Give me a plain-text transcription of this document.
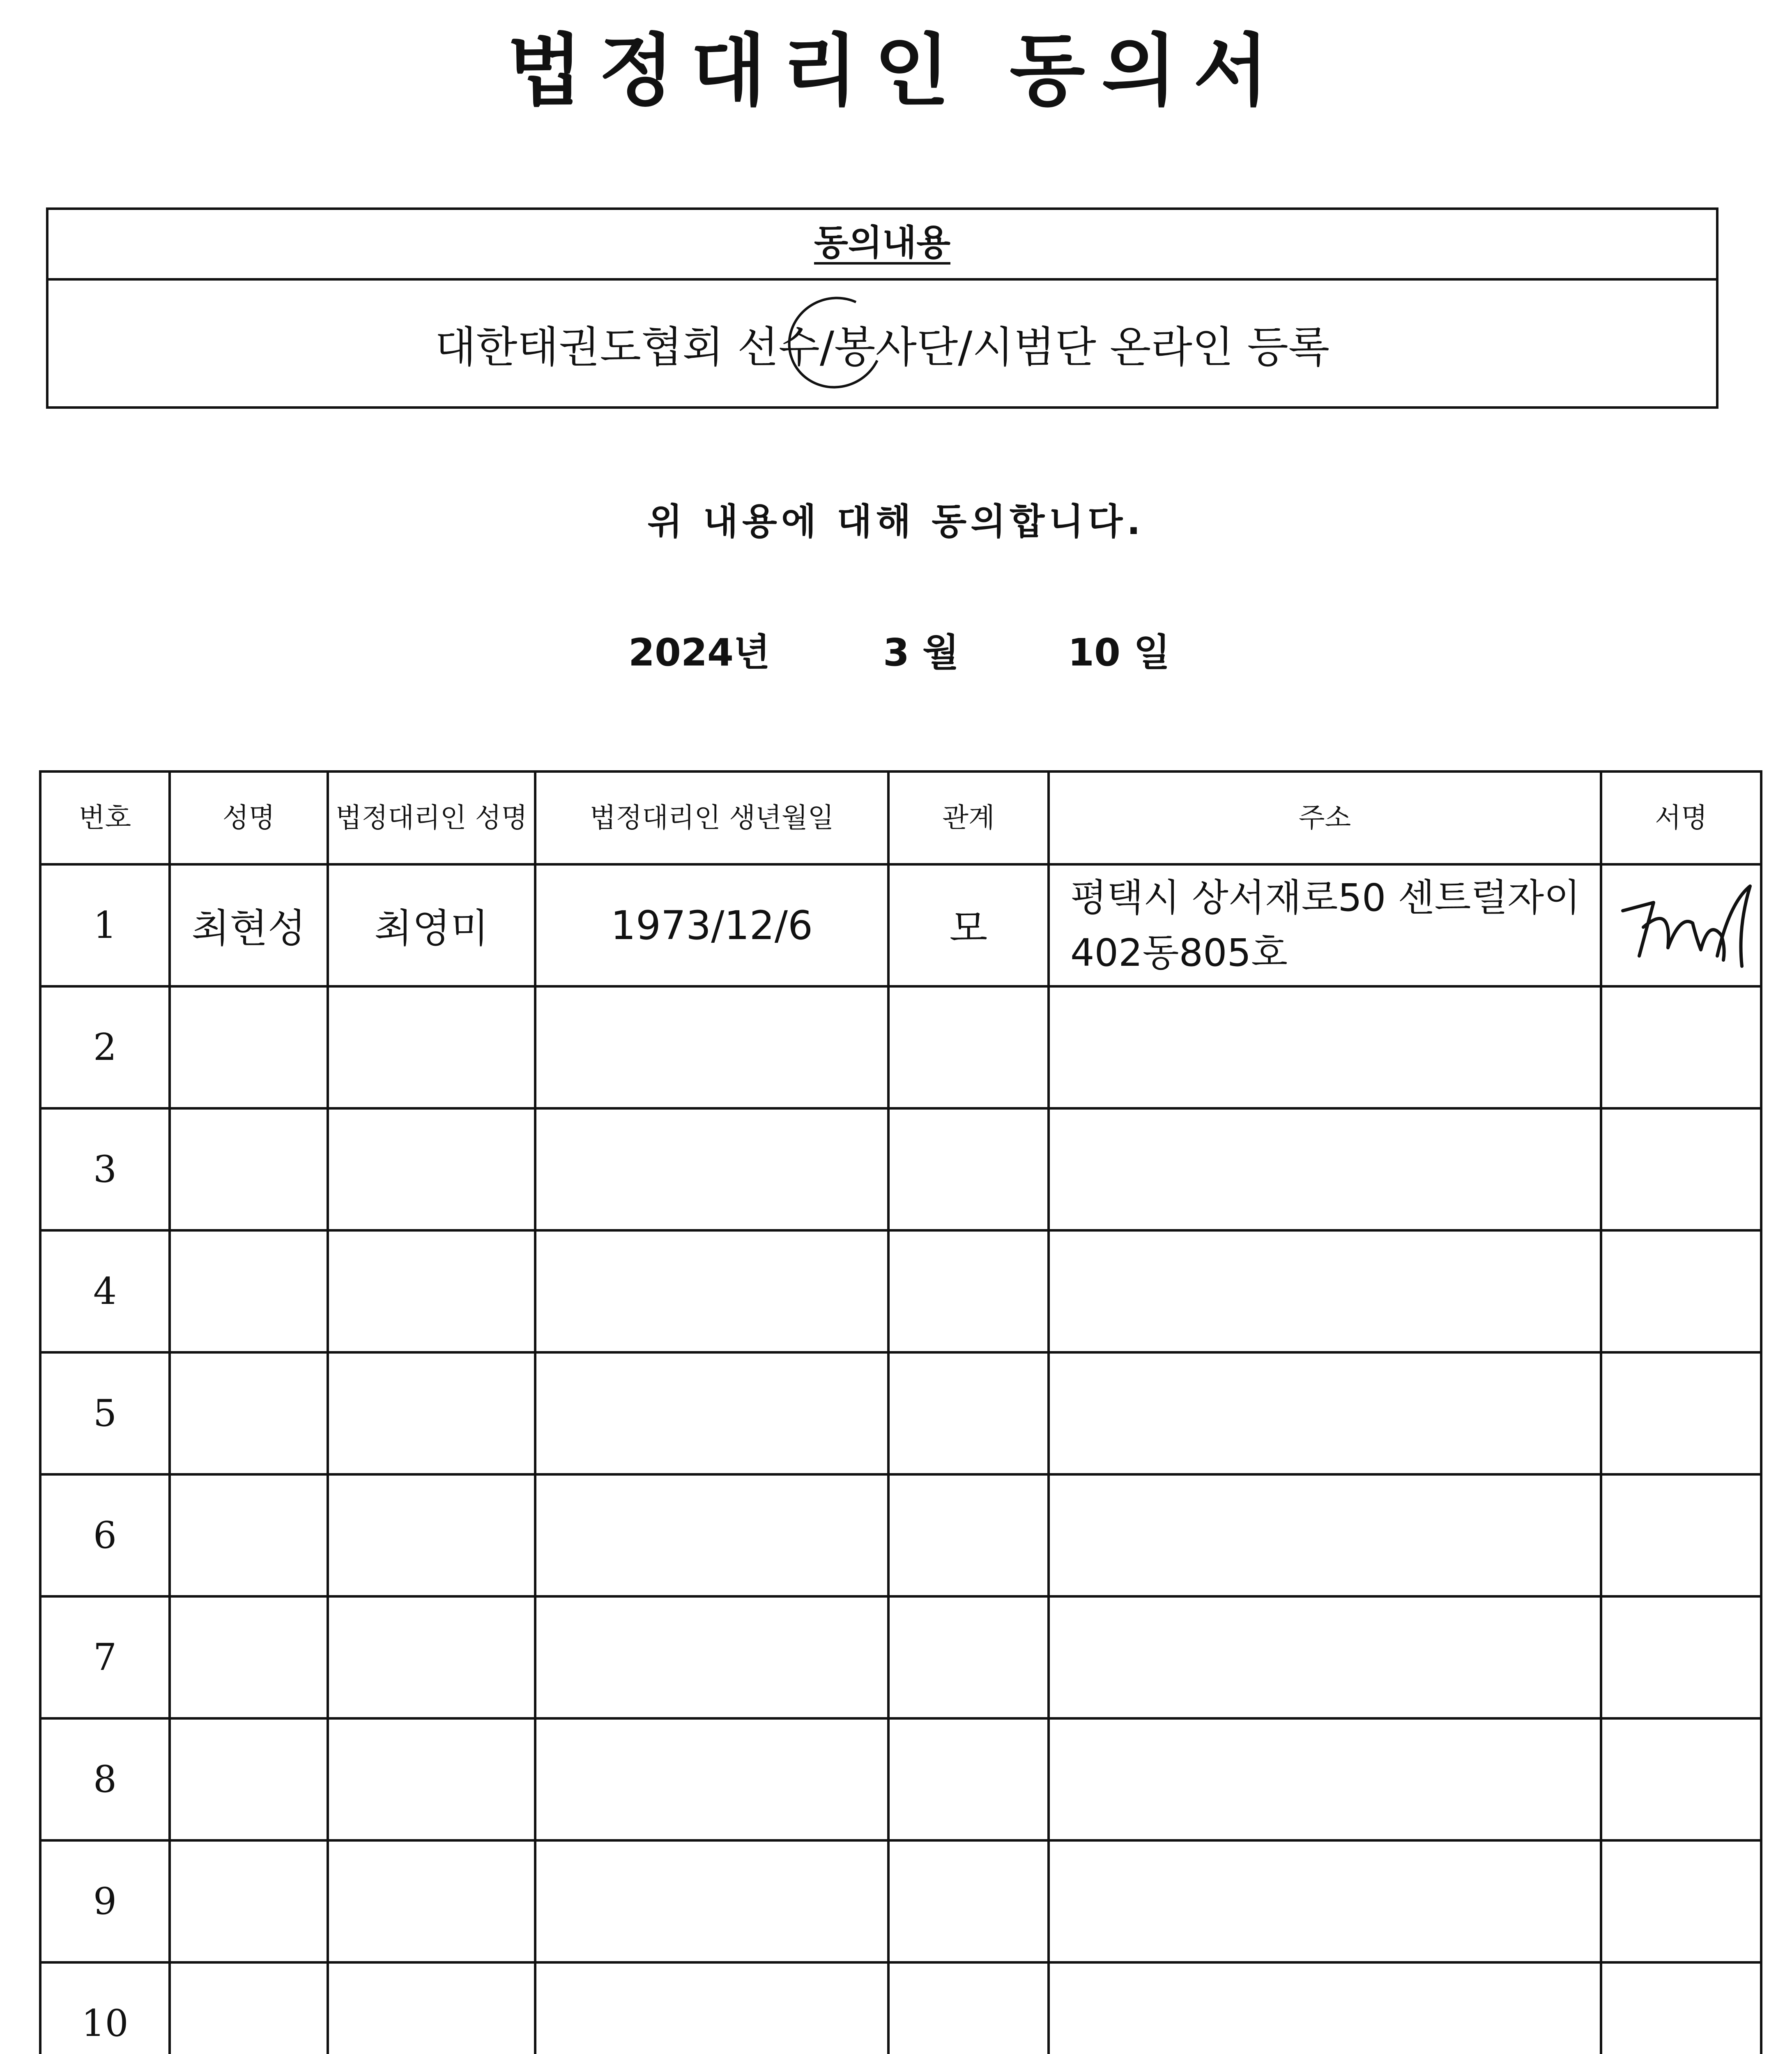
법정대리인 동의서
동의내용
대한태권도협회 선수/봉사단/시범단 온라인 등록
위 내용에 대해 동의합니다.
2024년	3 월	10 일
번호	성명	법정대리인 성명	법정대리인 생년월일	관계	주소	서명
1	최현성	최영미	1973/12/6	모	평택시 상서재로50 센트럴자이 402동805호	

2						
3						
4						
5						
6						
7						
8						
9						
10						
